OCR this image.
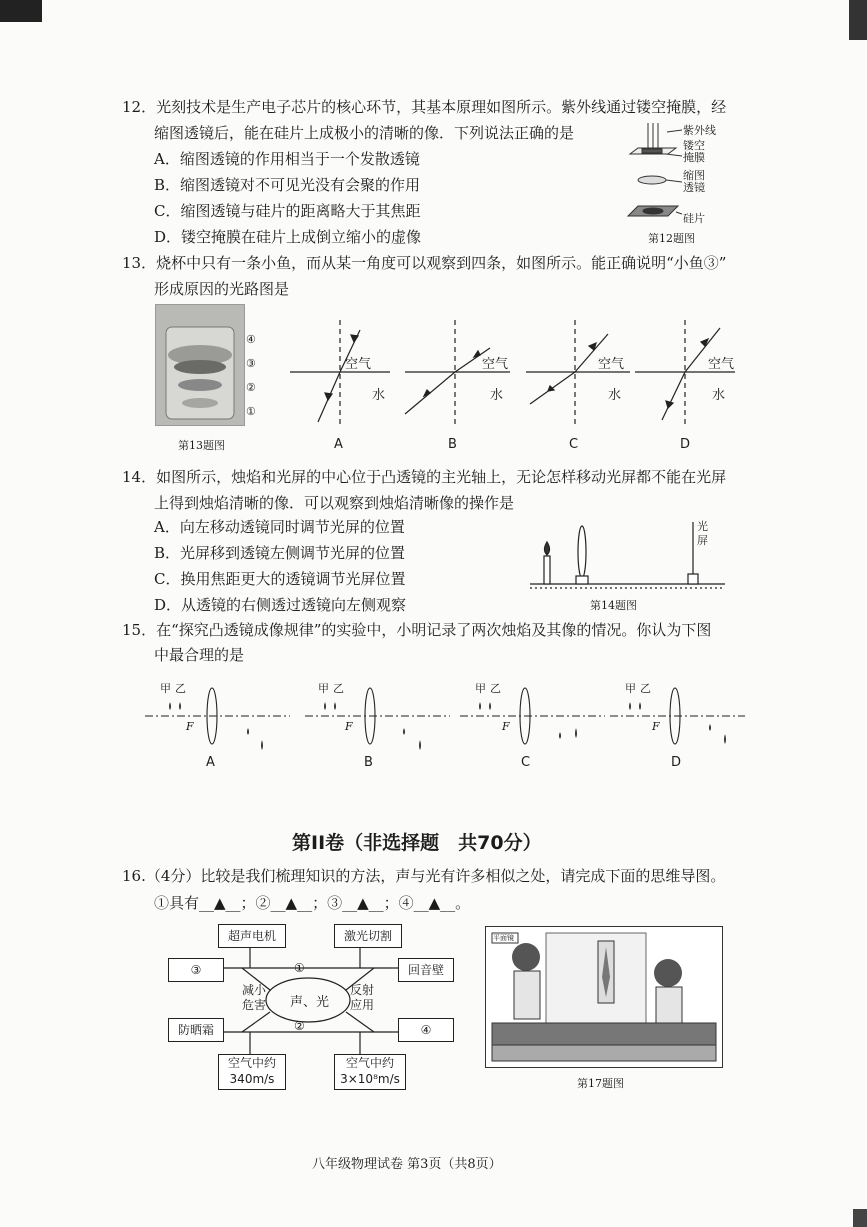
12．光刻技术是生产电子芯片的核心环节，其基本原理如图所示。紫外线通过镂空掩膜，经
缩图透镜后，能在硅片上成极小的清晰的像．下列说法正确的是
A．缩图透镜的作用相当于一个发散透镜
B．缩图透镜对不可见光没有会聚的作用
C．缩图透镜与硅片的距离略大于其焦距
D．镂空掩膜在硅片上成倒立缩小的虚像
紫外线
镂空
掩膜
缩图
透镜
硅片
第12题图
13．烧杯中只有一条小鱼，而从某一角度可以观察到四条，如图所示。能正确说明“小鱼③”
形成原因的光路图是
④
③
②
①
第13题图
空气
水
空气
水
空气
水
空气
水
A	B	C	D
14．如图所示，烛焰和光屏的中心位于凸透镜的主光轴上，无论怎样移动光屏都不能在光屏
上得到烛焰清晰的像．可以观察到烛焰清晰像的操作是
A．向左移动透镜同时调节光屏的位置
B．光屏移到透镜左侧调节光屏的位置
C．换用焦距更大的透镜调节光屏位置
D．从透镜的右侧透过透镜向左侧观察
光
屏
第14题图
15．在“探究凸透镜成像规律”的实验中，小明记录了两次烛焰及其像的情况。你认为下图
中最合理的是
甲 乙
F
A
甲 乙
F
B
甲 乙
F
C
甲 乙
F
D
第II卷（非选择题　共70分）
16.（4分）比较是我们梳理知识的方法，声与光有许多相似之处，请完成下面的思维导图。
①具有__▲__；②__▲__；③__▲__；④__▲__。
超声电机	激光切割
③	回音壁
防晒霜	④
空气中约
340m/s
空气中约
3×10⁸m/s
声、光
减小
危害
反射
应用
①
②
平面镜
第17题图
八年级物理试卷 第3页（共8页）
